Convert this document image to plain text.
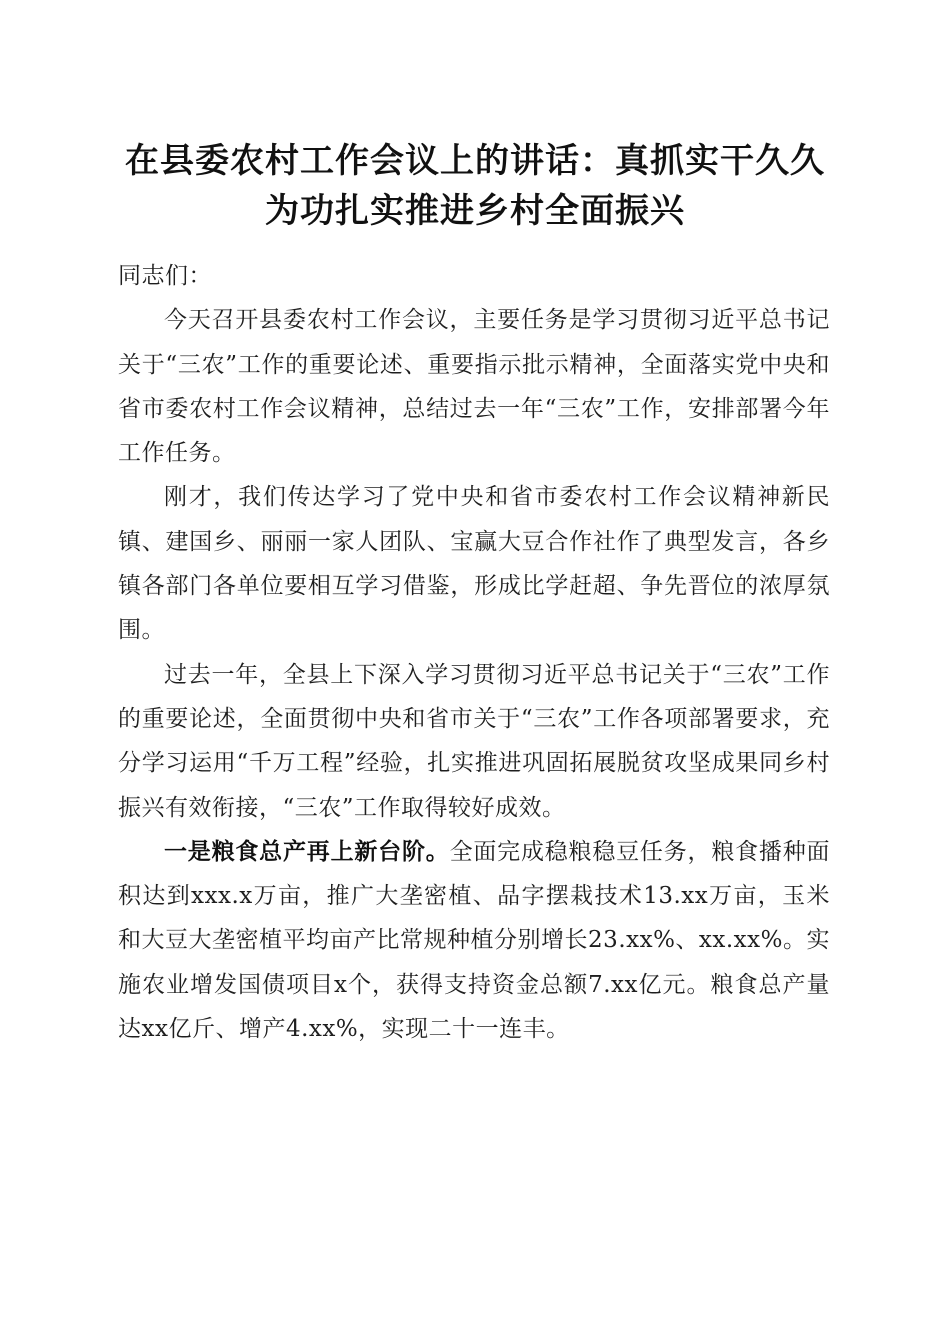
在县委农村工作会议上的讲话：真抓实干久久
为功扎实推进乡村全面振兴

同志们：

今天召开县委农村工作会议，主要任务是学习贯彻习近平总书记关于“三农”工作的重要论述、重要指示批示精神，全面落实党中央和省市委农村工作会议精神，总结过去一年“三农”工作，安排部署今年工作任务。

刚才，我们传达学习了党中央和省市委农村工作会议精神新民镇、建国乡、丽丽一家人团队、宝赢大豆合作社作了典型发言，各乡镇各部门各单位要相互学习借鉴，形成比学赶超、争先晋位的浓厚氛围。

过去一年，全县上下深入学习贯彻习近平总书记关于“三农”工作的重要论述，全面贯彻中央和省市关于“三农”工作各项部署要求，充分学习运用“千万工程”经验，扎实推进巩固拓展脱贫攻坚成果同乡村振兴有效衔接，“三农”工作取得较好成效。

一是粮食总产再上新台阶。全面完成稳粮稳豆任务，粮食播种面积达到xxx.x万亩，推广大垄密植、品字摆栽技术13.xx万亩，玉米和大豆大垄密植平均亩产比常规种植分别增长23.xx%、xx.xx%。实施农业增发国债项目x个，获得支持资金总额7.xx亿元。粮食总产量达xx亿斤、增产4.xx%，实现二十一连丰。
